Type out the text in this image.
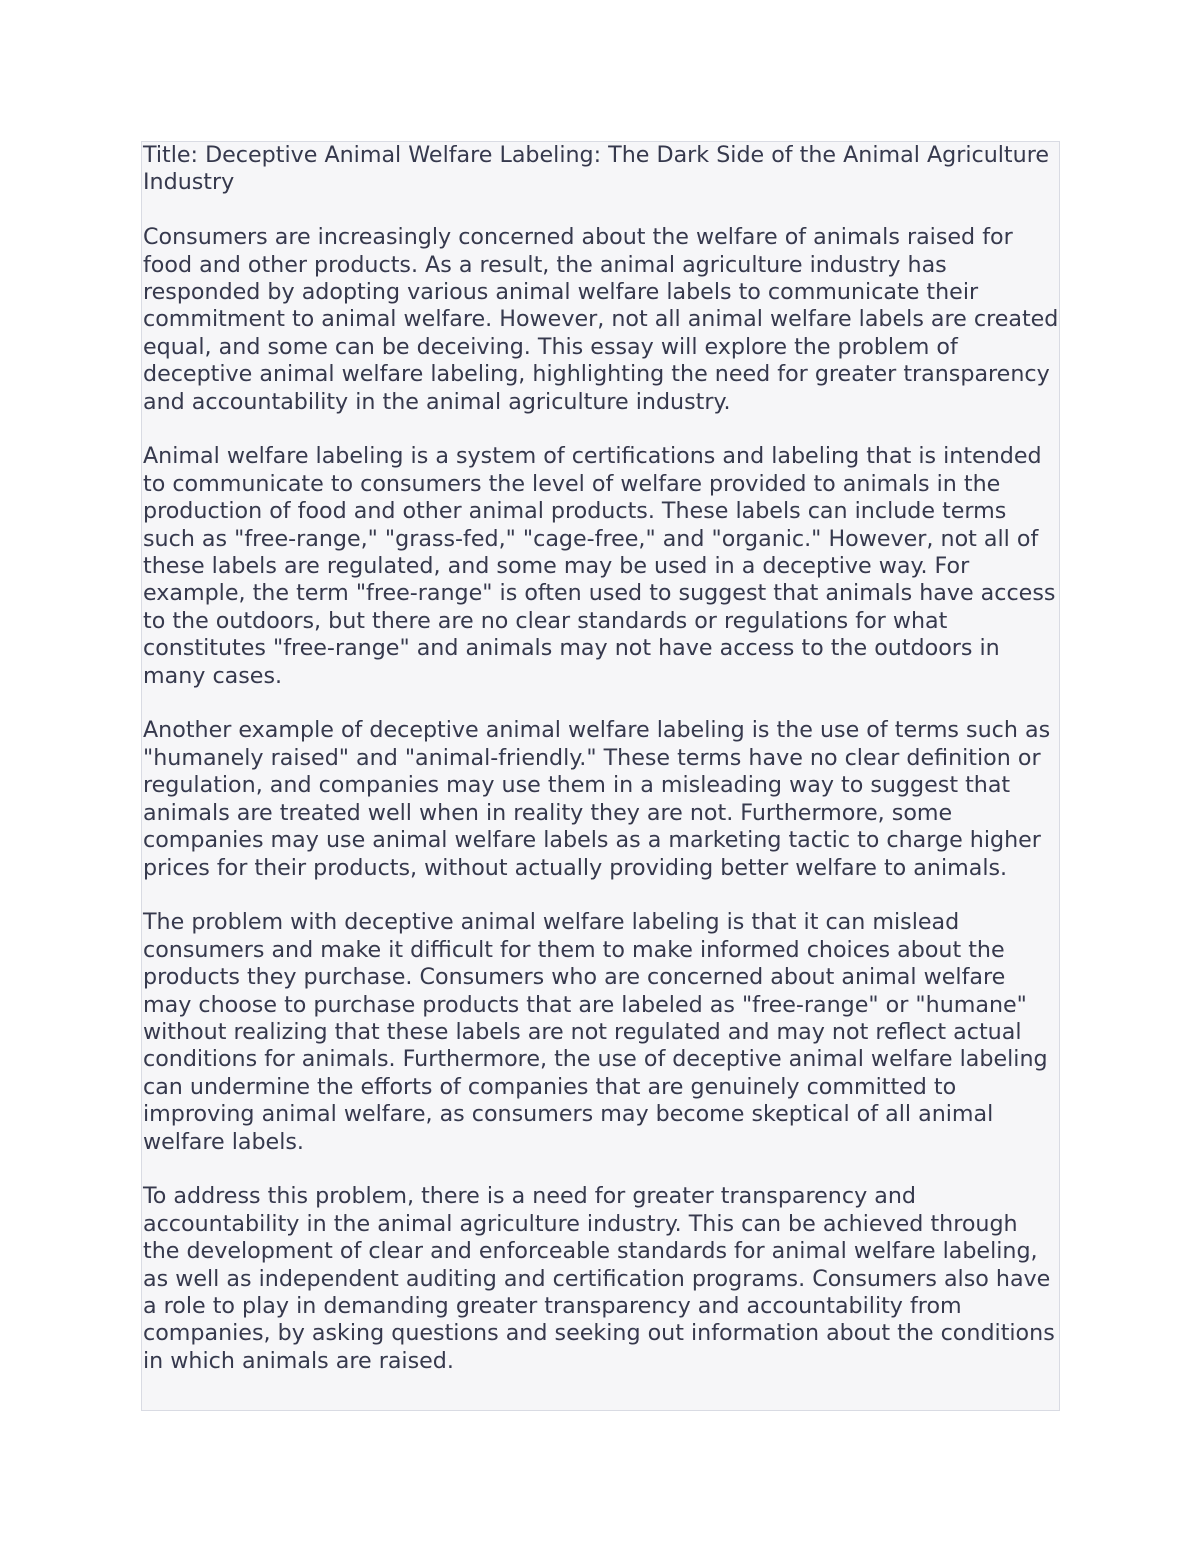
Title: Deceptive Animal Welfare Labeling: The Dark Side of the Animal Agriculture Industry

Consumers are increasingly concerned about the welfare of animals raised for food and other products. As a result, the animal agriculture industry has responded by adopting various animal welfare labels to communicate their commitment to animal welfare. However, not all animal welfare labels are created equal, and some can be deceiving. This essay will explore the problem of deceptive animal welfare labeling, highlighting the need for greater transparency and accountability in the animal agriculture industry.

Animal welfare labeling is a system of certifications and labeling that is intended to communicate to consumers the level of welfare provided to animals in the production of food and other animal products. These labels can include terms such as "free-range," "grass-fed," "cage-free," and "organic." However, not all of these labels are regulated, and some may be used in a deceptive way. For example, the term "free-range" is often used to suggest that animals have access to the outdoors, but there are no clear standards or regulations for what constitutes "free-range" and animals may not have access to the outdoors in many cases.

Another example of deceptive animal welfare labeling is the use of terms such as "humanely raised" and "animal-friendly." These terms have no clear definition or regulation, and companies may use them in a misleading way to suggest that animals are treated well when in reality they are not. Furthermore, some companies may use animal welfare labels as a marketing tactic to charge higher prices for their products, without actually providing better welfare to animals.

The problem with deceptive animal welfare labeling is that it can mislead consumers and make it difficult for them to make informed choices about the products they purchase. Consumers who are concerned about animal welfare may choose to purchase products that are labeled as "free-range" or "humane" without realizing that these labels are not regulated and may not reflect actual conditions for animals. Furthermore, the use of deceptive animal welfare labeling can undermine the efforts of companies that are genuinely committed to improving animal welfare, as consumers may become skeptical of all animal welfare labels.

To address this problem, there is a need for greater transparency and accountability in the animal agriculture industry. This can be achieved through the development of clear and enforceable standards for animal welfare labeling, as well as independent auditing and certification programs. Consumers also have a role to play in demanding greater transparency and accountability from companies, by asking questions and seeking out information about the conditions in which animals are raised.
